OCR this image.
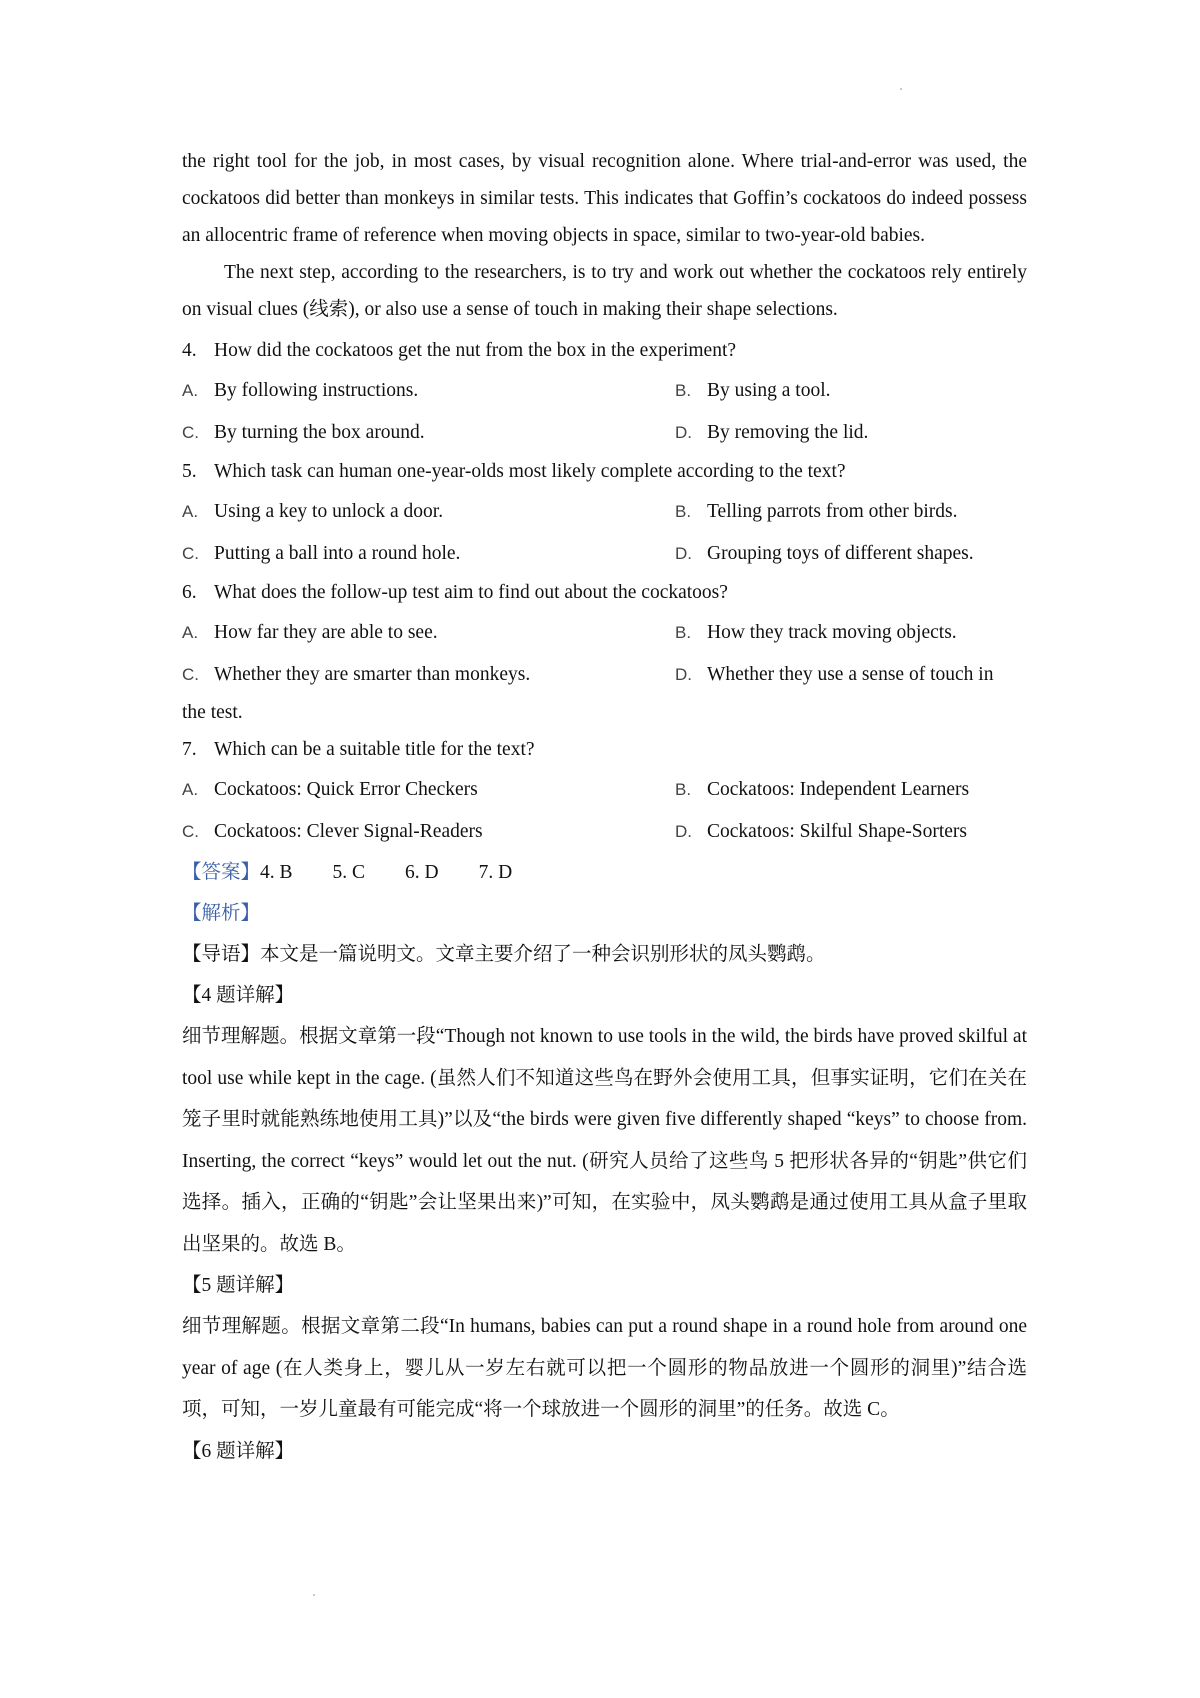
the right tool for the job, in most cases, by visual recognition alone. Where trial-and-error was used, the cockatoos did better than monkeys in similar tests. This indicates that Goffin’s cockatoos do indeed possess an allocentric frame of reference when moving objects in space, similar to two-year-old babies.

The next step, according to the researchers, is to try and work out whether the cockatoos rely entirely on visual clues (线索), or also use a sense of touch in making their shape selections.

4. How did the cockatoos get the nut from the box in the experiment?
A. By following instructions.	B. By using a tool.
C. By turning the box around.	D. By removing the lid.
5. Which task can human one-year-olds most likely complete according to the text?
A. Using a key to unlock a door.	B. Telling parrots from other birds.
C. Putting a ball into a round hole.	D. Grouping toys of different shapes.
6. What does the follow-up test aim to find out about the cockatoos?
A. How far they are able to see.	B. How they track moving objects.
C. Whether they are smarter than monkeys.	D. Whether they use a sense of touch in
the test.
7. Which can be a suitable title for the text?
A. Cockatoos: Quick Error Checkers	B. Cockatoos: Independent Learners
C. Cockatoos: Clever Signal-Readers	D. Cockatoos: Skilful Shape-Sorters
【答案】4. B 5. C 6. D 7. D
【解析】
【导语】本文是一篇说明文。文章主要介绍了一种会识别形状的凤头鹦鹉。
【4 题详解】

细节理解题。根据文章第一段“Though not known to use tools in the wild, the birds have proved skilful at tool use while kept in the cage. (虽然人们不知道这些鸟在野外会使用工具，但事实证明，它们在关在笼子里时就能熟练地使用工具)”以及“the birds were given five differently shaped “keys” to choose from. Inserting, the correct “keys” would let out the nut. (研究人员给了这些鸟 5 把形状各异的“钥匙”供它们选择。插入，正确的“钥匙”会让坚果出来)”可知，在实验中，凤头鹦鹉是通过使用工具从盒子里取出坚果的。故选 B。

【5 题详解】

细节理解题。根据文章第二段“In humans, babies can put a round shape in a round hole from around one year of age (在人类身上，婴儿从一岁左右就可以把一个圆形的物品放进一个圆形的洞里)”结合选项，可知，一岁儿童最有可能完成“将一个球放进一个圆形的洞里”的任务。故选 C。

【6 题详解】
